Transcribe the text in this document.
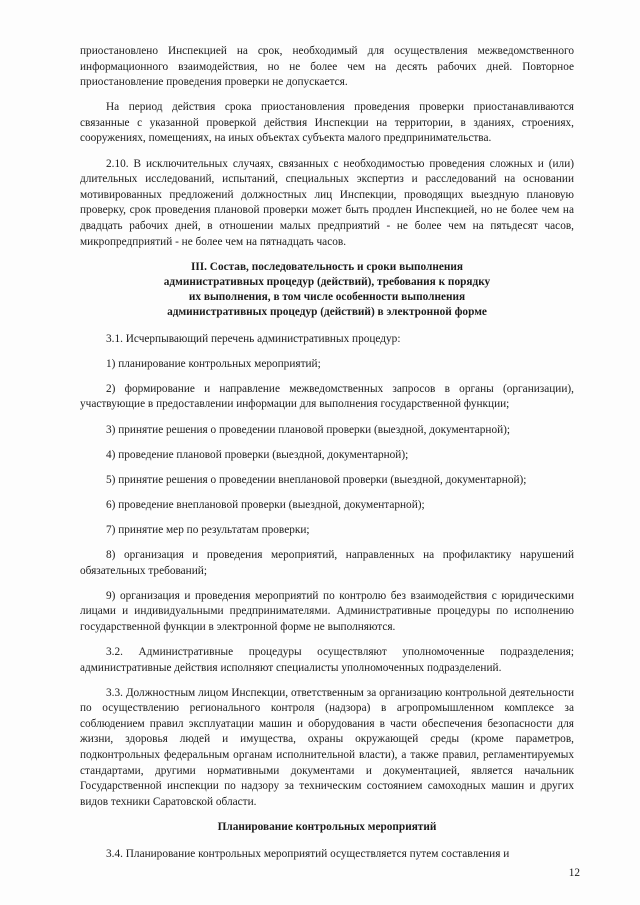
приостановлено Инспекцией на срок, необходимый для осуществления межведомственного информационного взаимодействия, но не более чем на десять рабочих дней. Повторное приостановление проведения проверки не допускается.

На период действия срока приостановления проведения проверки приостанавливаются связанные с указанной проверкой действия Инспекции на территории, в зданиях, строениях, сооружениях, помещениях, на иных объектах субъекта малого предпринимательства.

2.10. В исключительных случаях, связанных с необходимостью проведения сложных и (или) длительных исследований, испытаний, специальных экспертиз и расследований на основании мотивированных предложений должностных лиц Инспекции, проводящих выездную плановую проверку, срок проведения плановой проверки может быть продлен Инспекцией, но не более чем на двадцать рабочих дней, в отношении малых предприятий - не более чем на пятьдесят часов, микропредприятий - не более чем на пятнадцать часов.

III. Состав, последовательность и сроки выполнения
административных процедур (действий), требования к порядку
их выполнения, в том числе особенности выполнения
административных процедур (действий) в электронной форме

3.1. Исчерпывающий перечень административных процедур:

1) планирование контрольных мероприятий;

2) формирование и направление межведомственных запросов в органы (организации), участвующие в предоставлении информации для выполнения государственной функции;

3) принятие решения о проведении плановой проверки (выездной, документарной);

4) проведение плановой проверки (выездной, документарной);

5) принятие решения о проведении внеплановой проверки (выездной, документарной);

6) проведение внеплановой проверки (выездной, документарной);

7) принятие мер по результатам проверки;

8) организация и проведения мероприятий, направленных на профилактику нарушений обязательных требований;

9) организация и проведения мероприятий по контролю без взаимодействия с юридическими лицами и индивидуальными предпринимателями. Административные процедуры по исполнению государственной функции в электронной форме не выполняются.

3.2. Административные процедуры осуществляют уполномоченные подразделения; административные действия исполняют специалисты уполномоченных подразделений.

3.3. Должностным лицом Инспекции, ответственным за организацию контрольной деятельности по осуществлению регионального контроля (надзора) в агропромышленном комплексе за соблюдением правил эксплуатации машин и оборудования в части обеспечения безопасности для жизни, здоровья людей и имущества, охраны окружающей среды (кроме параметров, подконтрольных федеральным органам исполнительной власти), а также правил, регламентируемых стандартами, другими нормативными документами и документацией, является начальник Государственной инспекции по надзору за техническим состоянием самоходных машин и других видов техники Саратовской области.

Планирование контрольных мероприятий

3.4. Планирование контрольных мероприятий осуществляется путем составления и

12
